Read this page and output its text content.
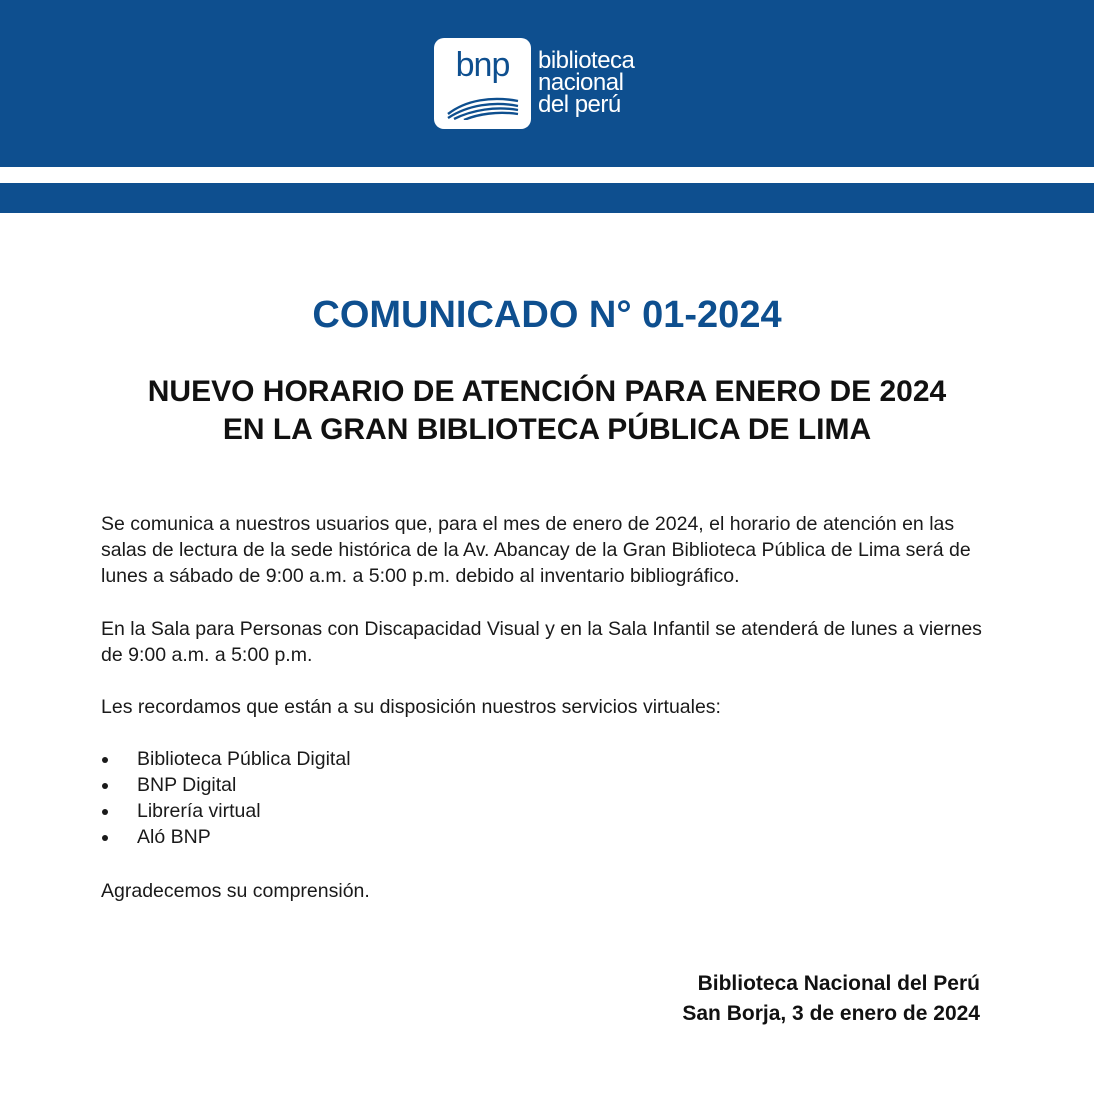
bnp	biblioteca
nacional
del perú
COMUNICADO N° 01-2024
NUEVO HORARIO DE ATENCIÓN PARA ENERO DE 2024
EN LA GRAN BIBLIOTECA PÚBLICA DE LIMA

Se comunica a nuestros usuarios que, para el mes de enero de 2024, el horario de atención en las salas de lectura de la sede histórica de la Av. Abancay de la Gran Biblioteca Pública de Lima será de lunes a sábado de 9:00 a.m. a 5:00 p.m. debido al inventario bibliográfico.

En la Sala para Personas con Discapacidad Visual y en la Sala Infantil se atenderá de lunes a viernes de 9:00 a.m. a 5:00 p.m.

Les recordamos que están a su disposición nuestros servicios virtuales:

Biblioteca Pública Digital
BNP Digital
Librería virtual
Aló BNP

Agradecemos su comprensión.

Biblioteca Nacional del Perú
San Borja, 3 de enero de 2024
